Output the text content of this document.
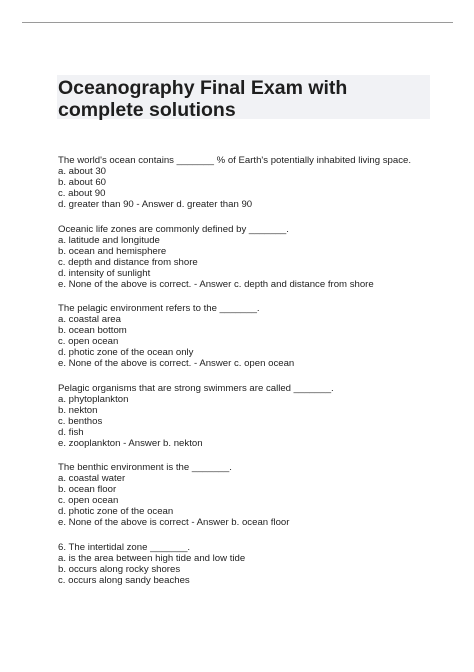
Oceanography Final Exam with complete solutions
The world's ocean contains _______ % of Earth's potentially inhabited living space.
a. about 30
b. about 60
c. about 90
d. greater than 90 - Answer d. greater than 90
Oceanic life zones are commonly defined by _______.
a. latitude and longitude
b. ocean and hemisphere
c. depth and distance from shore
d. intensity of sunlight
e. None of the above is correct. - Answer c. depth and distance from shore
The pelagic environment refers to the _______.
a. coastal area
b. ocean bottom
c. open ocean
d. photic zone of the ocean only
e. None of the above is correct. - Answer c. open ocean
Pelagic organisms that are strong swimmers are called _______.
a. phytoplankton
b. nekton
c. benthos
d. fish
e. zooplankton - Answer b. nekton
The benthic environment is the _______.
a. coastal water
b. ocean floor
c. open ocean
d. photic zone of the ocean
e. None of the above is correct - Answer b. ocean floor
6. The intertidal zone _______.
a. is the area between high tide and low tide
b. occurs along rocky shores
c. occurs along sandy beaches
